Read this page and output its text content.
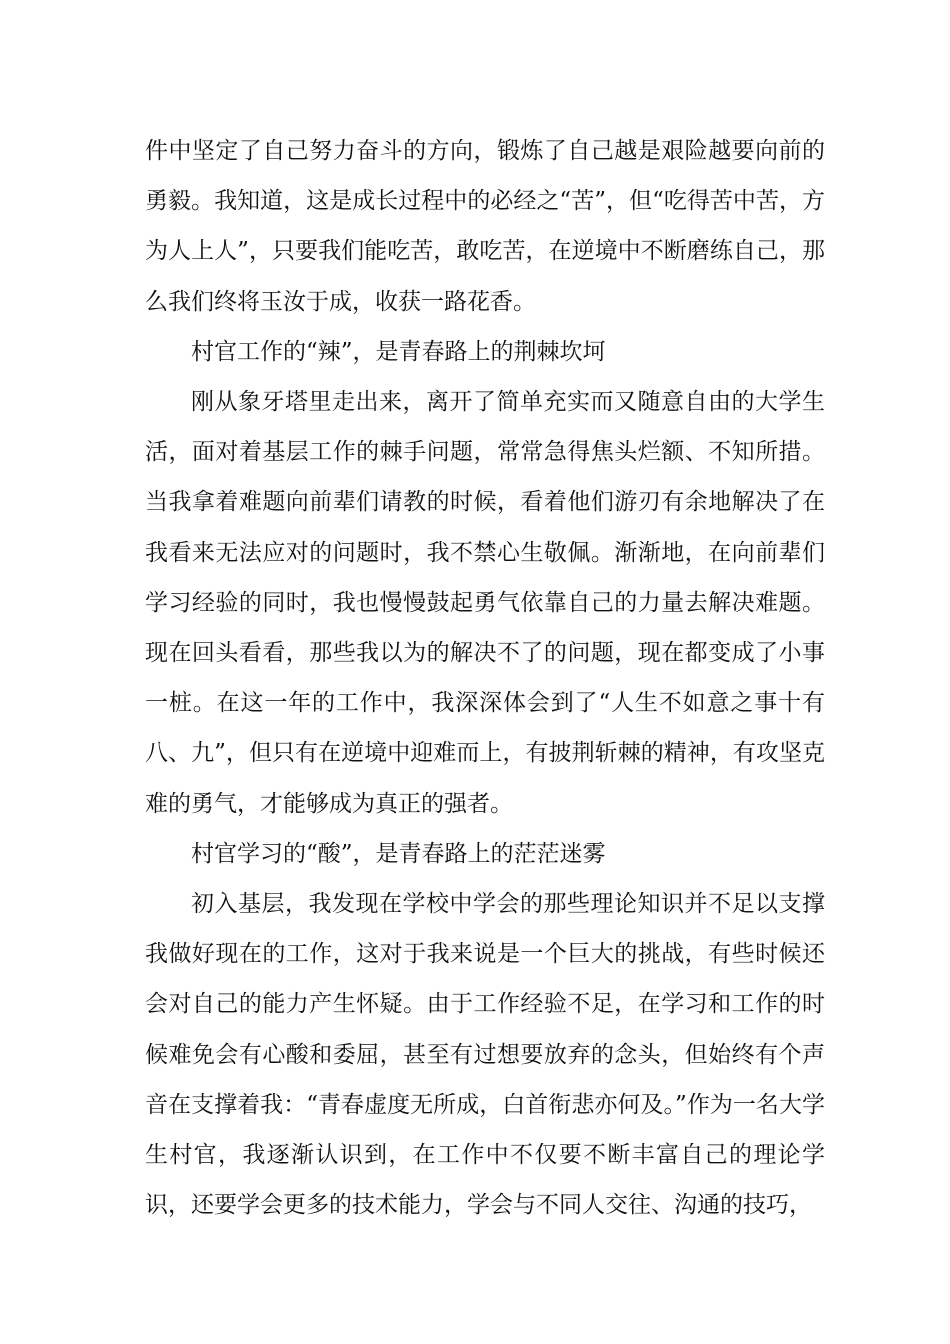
件中坚定了自己努力奋斗的方向，锻炼了自己越是艰险越要向前的勇毅。我知道，这是成长过程中的必经之“苦”，但“吃得苦中苦，方为人上人”，只要我们能吃苦，敢吃苦，在逆境中不断磨练自己，那么我们终将玉汝于成，收获一路花香。

村官工作的“辣”，是青春路上的荆棘坎坷

刚从象牙塔里走出来，离开了简单充实而又随意自由的大学生活，面对着基层工作的棘手问题，常常急得焦头烂额、不知所措。当我拿着难题向前辈们请教的时候，看着他们游刃有余地解决了在我看来无法应对的问题时，我不禁心生敬佩。渐渐地，在向前辈们学习经验的同时，我也慢慢鼓起勇气依靠自己的力量去解决难题。现在回头看看，那些我以为的解决不了的问题，现在都变成了小事一桩。在这一年的工作中，我深深体会到了“人生不如意之事十有八、九”，但只有在逆境中迎难而上，有披荆斩棘的精神，有攻坚克难的勇气，才能够成为真正的强者。

村官学习的“酸”，是青春路上的茫茫迷雾

初入基层，我发现在学校中学会的那些理论知识并不足以支撑我做好现在的工作，这对于我来说是一个巨大的挑战，有些时候还会对自己的能力产生怀疑。由于工作经验不足，在学习和工作的时候难免会有心酸和委屈，甚至有过想要放弃的念头，但始终有个声音在支撑着我：“青春虚度无所成，白首衔悲亦何及。”作为一名大学生村官，我逐渐认识到，在工作中不仅要不断丰富自己的理论学识，还要学会更多的技术能力，学会与不同人交往、沟通的技巧，
